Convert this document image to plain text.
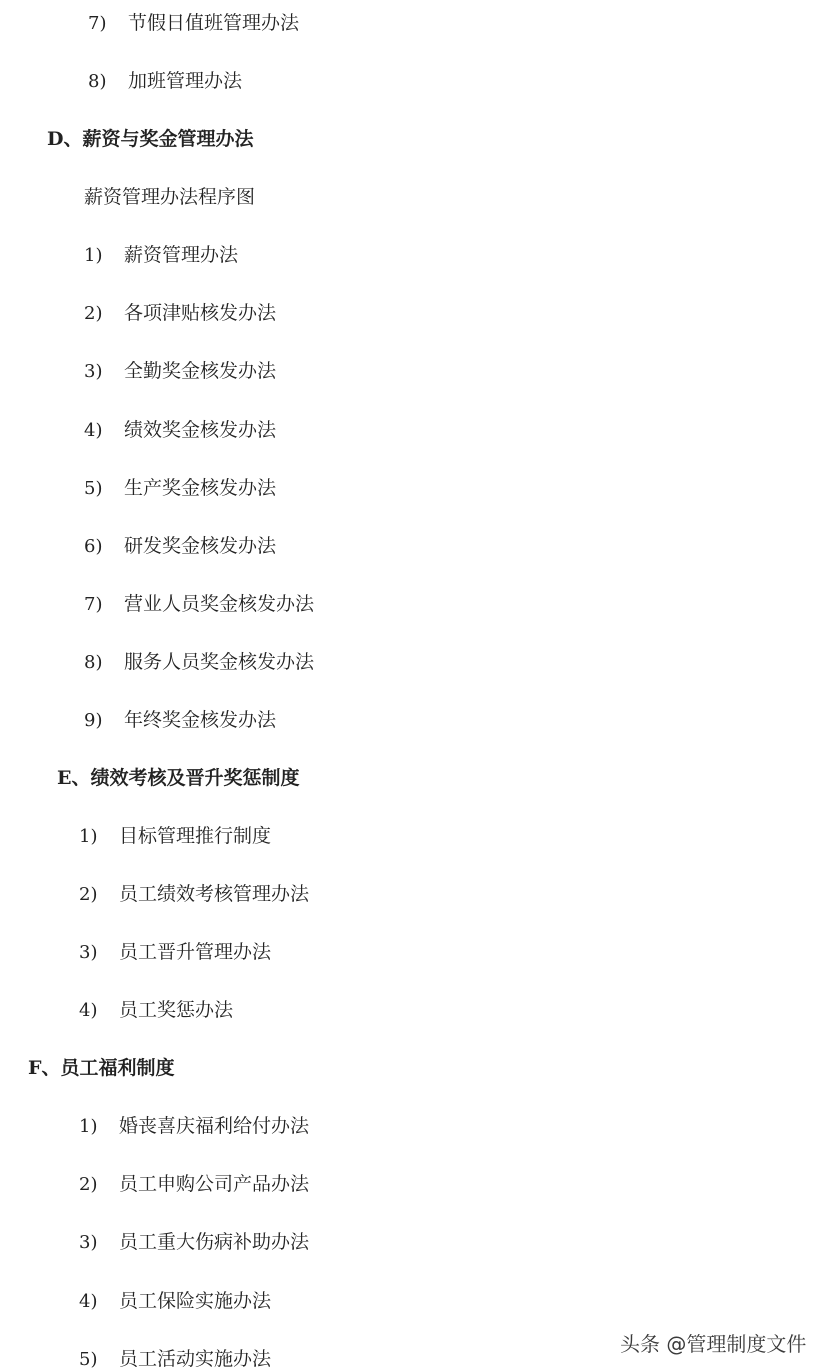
7) 节假日值班管理办法
8) 加班管理办法
D、薪资与奖金管理办法
薪资管理办法程序图
1) 薪资管理办法
2) 各项津贴核发办法
3) 全勤奖金核发办法
4) 绩效奖金核发办法
5) 生产奖金核发办法
6) 研发奖金核发办法
7) 营业人员奖金核发办法
8) 服务人员奖金核发办法
9) 年终奖金核发办法
E、绩效考核及晋升奖惩制度
1) 目标管理推行制度
2) 员工绩效考核管理办法
3) 员工晋升管理办法
4) 员工奖惩办法
F、员工福利制度
1) 婚丧喜庆福利给付办法
2) 员工申购公司产品办法
3) 员工重大伤病补助办法
4) 员工保险实施办法
5) 员工活动实施办法
头条 @管理制度文件
